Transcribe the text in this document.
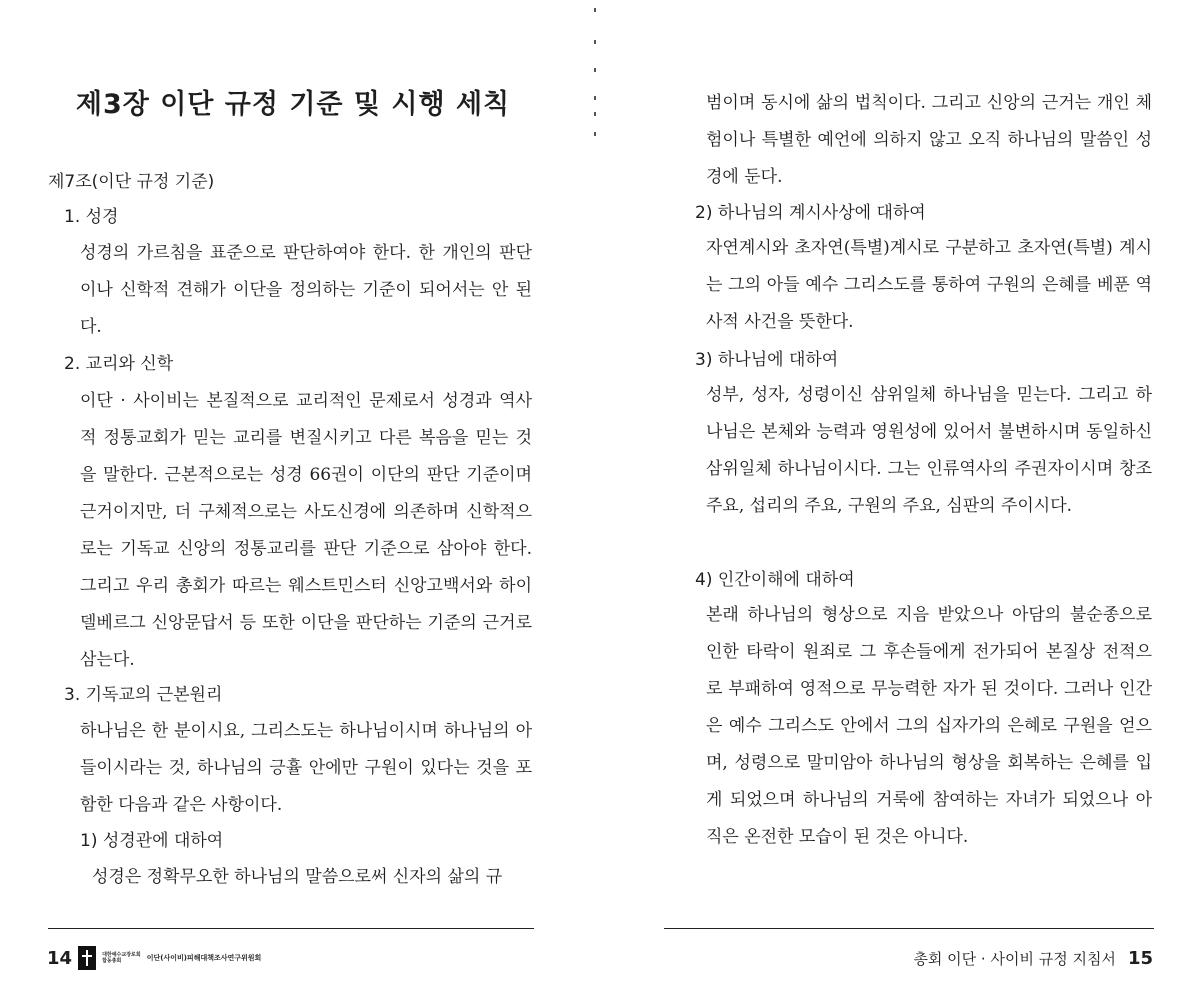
제3장 이단 규정 기준 및 시행 세칙
제7조(이단 규정 기준)
1. 성경

성경의 가르침을 표준으로 판단하여야 한다. 한 개인의 판단이나 신학적 견해가 이단을 정의하는 기준이 되어서는 안 된다.

2. 교리와 신학

이단 · 사이비는 본질적으로 교리적인 문제로서 성경과 역사적 정통교회가 믿는 교리를 변질시키고 다른 복음을 믿는 것을 말한다. 근본적으로는 성경 66권이 이단의 판단 기준이며 근거이지만, 더 구체적으로는 사도신경에 의존하며 신학적으로는 기독교 신앙의 정통교리를 판단 기준으로 삼아야 한다. 그리고 우리 총회가 따르는 웨스트민스터 신앙고백서와 하이델베르그 신앙문답서 등 또한 이단을 판단하는 기준의 근거로 삼는다.

3. 기독교의 근본원리

하나님은 한 분이시요, 그리스도는 하나님이시며 하나님의 아들이시라는 것, 하나님의 긍휼 안에만 구원이 있다는 것을 포함한 다음과 같은 사항이다.

1) 성경관에 대하여

성경은 정확무오한 하나님의 말씀으로써 신자의 삶의 규

14	대한예수교장로회
합동총회	이단(사이비)피해대책조사연구위원회

범이며 동시에 삶의 법칙이다. 그리고 신앙의 근거는 개인 체험이나 특별한 예언에 의하지 않고 오직 하나님의 말씀인 성경에 둔다.

2) 하나님의 계시사상에 대하여

자연계시와 초자연(특별)계시로 구분하고 초자연(특별) 계시는 그의 아들 예수 그리스도를 통하여 구원의 은혜를 베푼 역사적 사건을 뜻한다.

3) 하나님에 대하여

성부, 성자, 성령이신 삼위일체 하나님을 믿는다. 그리고 하나님은 본체와 능력과 영원성에 있어서 불변하시며 동일하신 삼위일체 하나님이시다. 그는 인류역사의 주권자이시며 창조주요, 섭리의 주요, 구원의 주요, 심판의 주이시다.

4) 인간이해에 대하여

본래 하나님의 형상으로 지음 받았으나 아담의 불순종으로 인한 타락이 원죄로 그 후손들에게 전가되어 본질상 전적으로 부패하여 영적으로 무능력한 자가 된 것이다. 그러나 인간은 예수 그리스도 안에서 그의 십자가의 은혜로 구원을 얻으며, 성령으로 말미암아 하나님의 형상을 회복하는 은혜를 입게 되었으며 하나님의 거룩에 참여하는 자녀가 되었으나 아직은 온전한 모습이 된 것은 아니다.

총회 이단 · 사이비 규정 지침서 15
